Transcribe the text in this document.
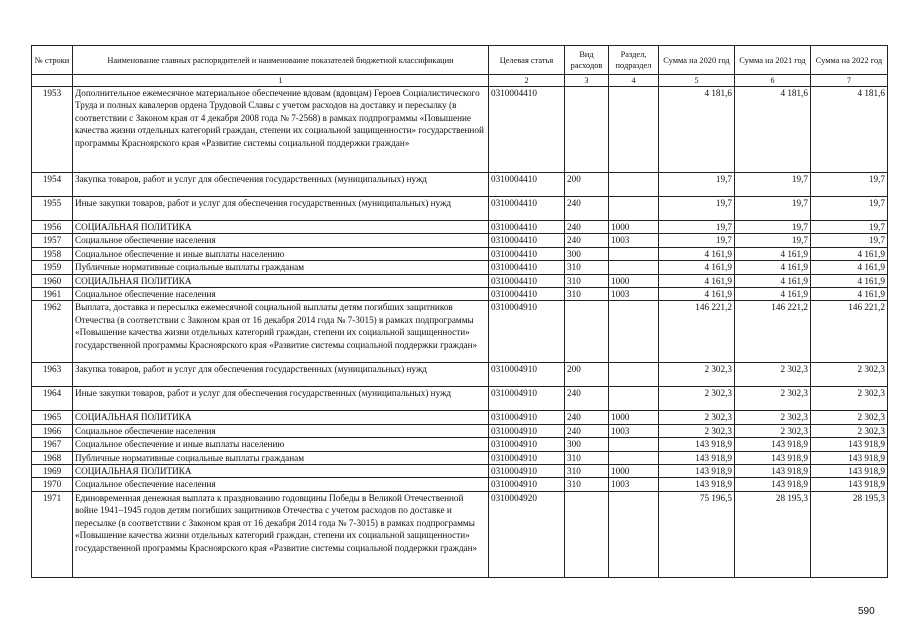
№ строки	Наименование главных распорядителей и наименование показателей бюджетной классификации	Целевая статья	Вид расходов	Раздел, подраздел	Сумма на 2020 год	Сумма на 2021 год	Сумма на 2022 год
	1	2	3	4	5	6	7
1953	Дополнительное ежемесячное материальное обеспечение вдовам (вдовцам) Героев Социалистического Труда и полных кавалеров ордена Трудовой Славы с учетом расходов на доставку и пересылку (в соответствии с Законом края от 4 декабря 2008 года № 7-2568) в рамках подпрограммы «Повышение качества жизни отдельных категорий граждан, степени их социальной защищенности» государственной программы Красноярского края «Развитие системы социальной поддержки граждан»	0310004410			4 181,6	4 181,6	4 181,6
1954	Закупка товаров, работ и услуг для обеспечения государственных (муниципальных) нужд	0310004410	200		19,7	19,7	19,7
1955	Иные закупки товаров, работ и услуг для обеспечения государственных (муниципальных) нужд	0310004410	240		19,7	19,7	19,7
1956	СОЦИАЛЬНАЯ ПОЛИТИКА	0310004410	240	1000	19,7	19,7	19,7
1957	Социальное обеспечение населения	0310004410	240	1003	19,7	19,7	19,7
1958	Социальное обеспечение и иные выплаты населению	0310004410	300		4 161,9	4 161,9	4 161,9
1959	Публичные нормативные социальные выплаты гражданам	0310004410	310		4 161,9	4 161,9	4 161,9
1960	СОЦИАЛЬНАЯ ПОЛИТИКА	0310004410	310	1000	4 161,9	4 161,9	4 161,9
1961	Социальное обеспечение населения	0310004410	310	1003	4 161,9	4 161,9	4 161,9
1962	Выплата, доставка и пересылка ежемесячной социальной выплаты детям погибших защитников Отечества (в соответствии с Законом края от 16 декабря 2014 года № 7-3015) в рамках подпрограммы «Повышение качества жизни отдельных категорий граждан, степени их социальной защищенности» государственной программы Красноярского края «Развитие системы социальной поддержки граждан»	0310004910			146 221,2	146 221,2	146 221,2
1963	Закупка товаров, работ и услуг для обеспечения государственных (муниципальных) нужд	0310004910	200		2 302,3	2 302,3	2 302,3
1964	Иные закупки товаров, работ и услуг для обеспечения государственных (муниципальных) нужд	0310004910	240		2 302,3	2 302,3	2 302,3
1965	СОЦИАЛЬНАЯ ПОЛИТИКА	0310004910	240	1000	2 302,3	2 302,3	2 302,3
1966	Социальное обеспечение населения	0310004910	240	1003	2 302,3	2 302,3	2 302,3
1967	Социальное обеспечение и иные выплаты населению	0310004910	300		143 918,9	143 918,9	143 918,9
1968	Публичные нормативные социальные выплаты гражданам	0310004910	310		143 918,9	143 918,9	143 918,9
1969	СОЦИАЛЬНАЯ ПОЛИТИКА	0310004910	310	1000	143 918,9	143 918,9	143 918,9
1970	Социальное обеспечение населения	0310004910	310	1003	143 918,9	143 918,9	143 918,9
1971	Единовременная денежная выплата к празднованию годовщины Победы в Великой Отечественной войне 1941–1945 годов детям погибших защитников Отечества с учетом расходов по доставке и пересылке (в соответствии с Законом края от 16 декабря 2014 года № 7-3015) в рамках подпрограммы «Повышение качества жизни отдельных категорий граждан, степени их социальной защищенности» государственной программы Красноярского края «Развитие системы социальной поддержки граждан»	0310004920			75 196,5	28 195,3	28 195,3
590
